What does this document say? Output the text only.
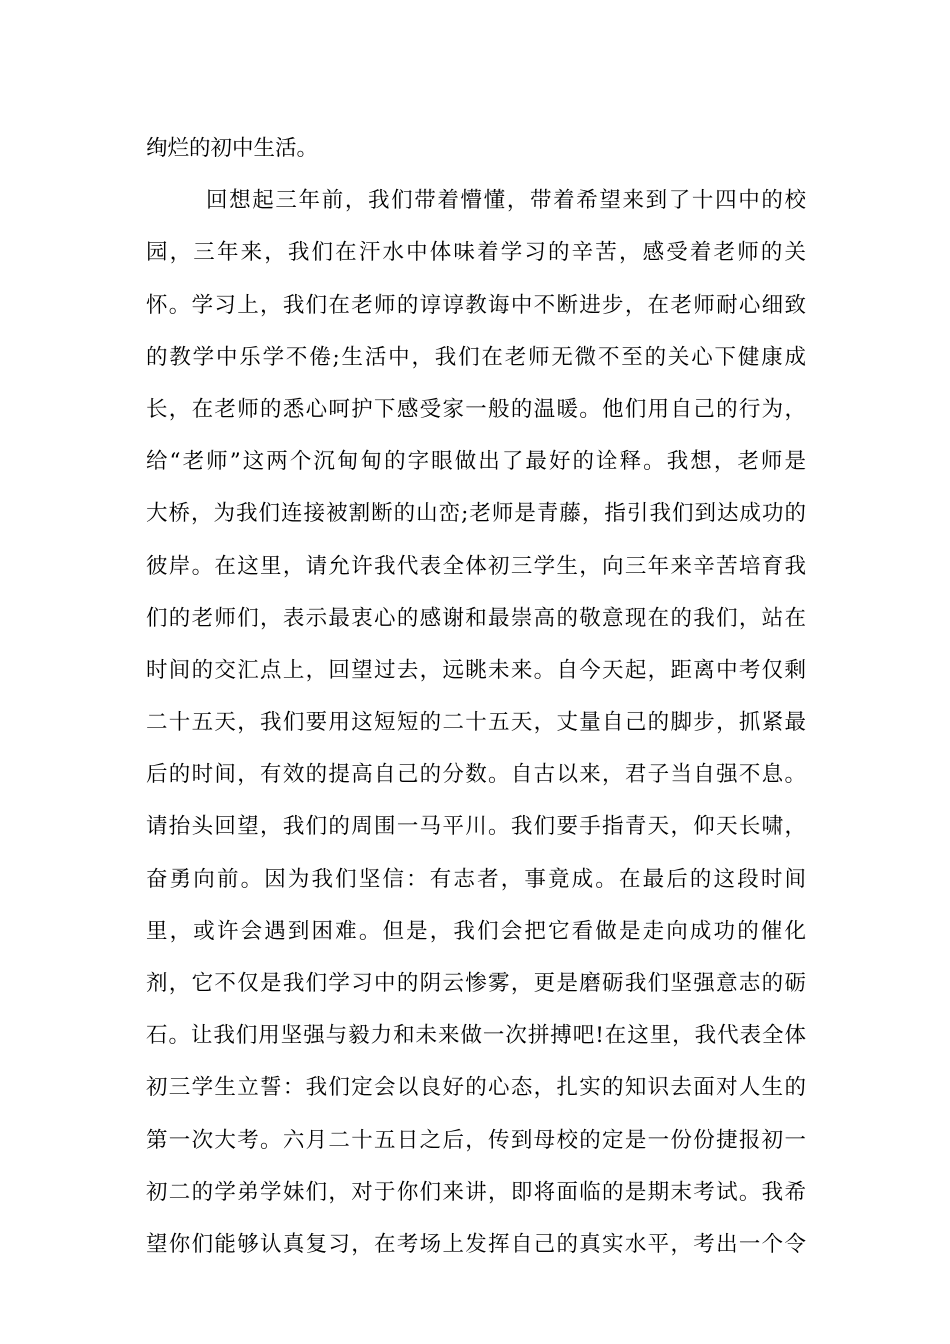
绚烂的初中生活。
回想起三年前，我们带着懵懂，带着希望来到了十四中的校
园，三年来，我们在汗水中体味着学习的辛苦，感受着老师的关
怀。学习上，我们在老师的谆谆教诲中不断进步，在老师耐心细致
的教学中乐学不倦;生活中，我们在老师无微不至的关心下健康成
长，在老师的悉心呵护下感受家一般的温暖。他们用自己的行为，
给“老师”这两个沉甸甸的字眼做出了最好的诠释。我想，老师是
大桥，为我们连接被割断的山峦;老师是青藤，指引我们到达成功的
彼岸。在这里，请允许我代表全体初三学生，向三年来辛苦培育我
们的老师们，表示最衷心的感谢和最崇高的敬意现在的我们，站在
时间的交汇点上，回望过去，远眺未来。自今天起，距离中考仅剩
二十五天，我们要用这短短的二十五天，丈量自己的脚步，抓紧最
后的时间，有效的提高自己的分数。自古以来，君子当自强不息。
请抬头回望，我们的周围一马平川。我们要手指青天，仰天长啸，
奋勇向前。因为我们坚信：有志者，事竟成。在最后的这段时间
里，或许会遇到困难。但是，我们会把它看做是走向成功的催化
剂，它不仅是我们学习中的阴云惨雾，更是磨砺我们坚强意志的砺
石。让我们用坚强与毅力和未来做一次拼搏吧!在这里，我代表全体
初三学生立誓：我们定会以良好的心态，扎实的知识去面对人生的
第一次大考。六月二十五日之后，传到母校的定是一份份捷报初一
初二的学弟学妹们，对于你们来讲，即将面临的是期末考试。我希
望你们能够认真复习，在考场上发挥自己的真实水平，考出一个令
